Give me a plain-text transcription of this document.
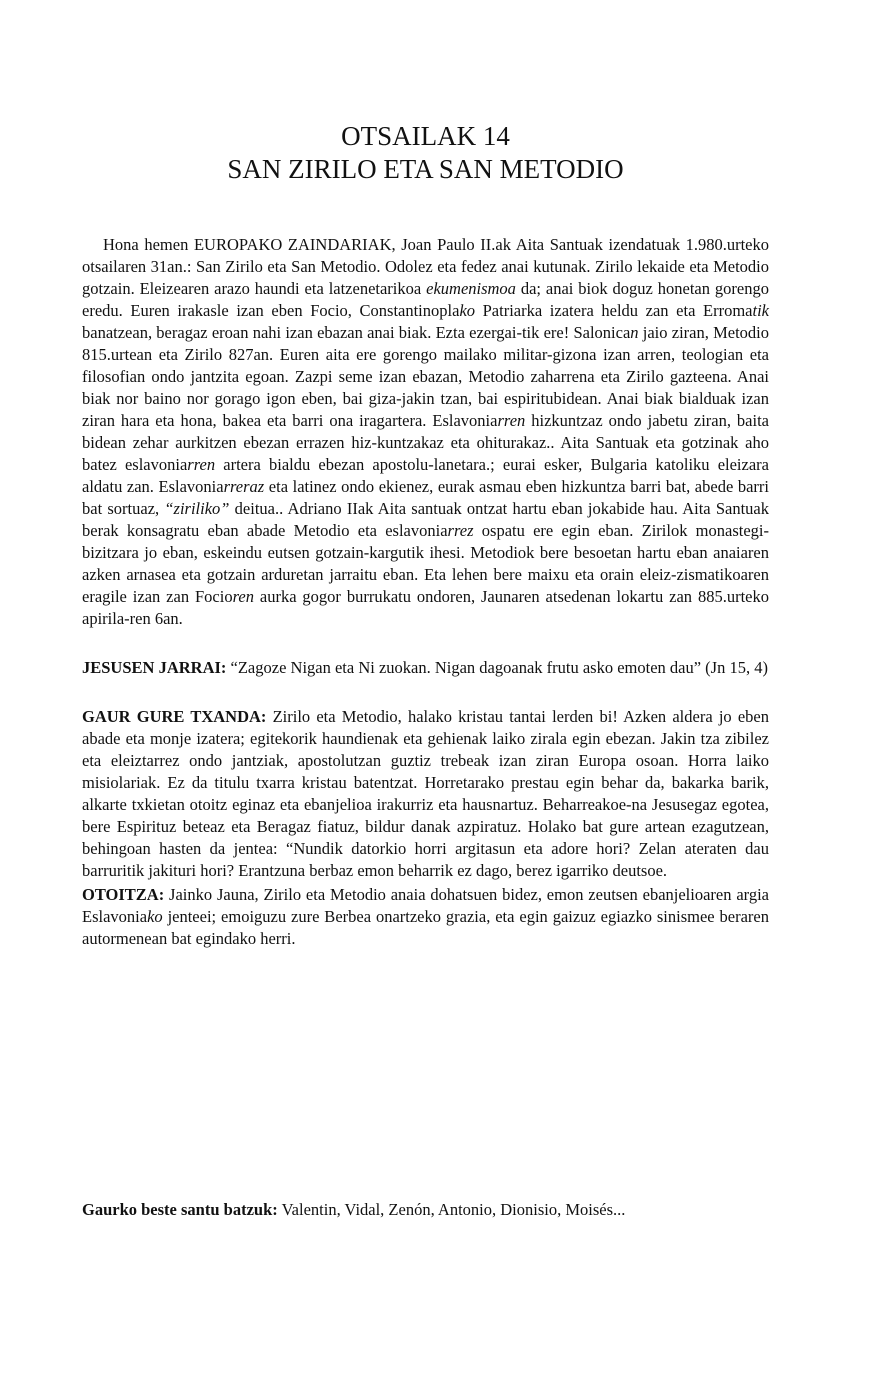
OTSAILAK 14
SAN ZIRILO ETA SAN METODIO

Hona hemen EUROPAKO ZAINDARIAK, Joan Paulo II.ak Aita Santuak izendatuak 1.980.urteko otsailaren 31an.: San Zirilo eta San Metodio. Odolez eta fedez anai kutunak. Zirilo lekaide eta Metodio gotzain. Eleizearen arazo haundi eta latzenetarikoa ekumenismoa da; anai biok doguz honetan gorengo eredu. Euren irakasle izan eben Focio, Constantinoplako Patriarka izatera heldu zan eta Erromatik banatzean, beragaz eroan nahi izan ebazan anai biak. Ezta ezergai-tik ere! Salonican jaio ziran, Metodio 815.urtean eta Zirilo 827an. Euren aita ere gorengo mailako militar-gizona izan arren, teologian eta filosofian ondo jantzita egoan. Zazpi seme izan ebazan, Metodio zaharrena eta Zirilo gazteena. Anai biak nor baino nor gorago igon eben, bai giza-jakin tzan, bai espiritubidean. Anai biak bialduak izan ziran hara eta hona, bakea eta barri ona iragartera. Eslavoniarren hizkuntzaz ondo jabetu ziran, baita bidean zehar aurkitzen ebezan errazen hiz-kuntzakaz eta ohiturakaz.. Aita Santuak eta gotzinak aho batez eslavoniarren artera bialdu ebezan apostolu-lanetara.; eurai esker, Bulgaria katoliku eleizara aldatu zan. Eslavoniarreraz eta latinez ondo ekienez, eurak asmau eben hizkuntza barri bat, abede barri bat sortuaz, “ziriliko” deitua.. Adriano IIak Aita santuak ontzat hartu eban jokabide hau. Aita Santuak berak konsagratu eban abade Metodio eta eslavoniarrez ospatu ere egin eban. Zirilok monastegi-bizitzara jo eban, eskeindu eutsen gotzain-kargutik ihesi. Metodiok bere besoetan hartu eban anaiaren azken arnasea eta gotzain arduretan jarraitu eban. Eta lehen bere maixu eta orain eleiz-zismatikoaren eragile izan zan Focioren aurka gogor burrukatu ondoren, Jaunaren atsedenan lokartu zan 885.urteko apirila-ren 6an.

JESUSEN JARRAI: “Zagoze Nigan eta Ni zuokan. Nigan dagoanak frutu asko emoten dau” (Jn 15, 4)

GAUR GURE TXANDA: Zirilo eta Metodio, halako kristau tantai lerden bi! Azken aldera jo eben abade eta monje izatera; egitekorik haundienak eta gehienak laiko zirala egin ebezan. Jakin tza zibilez eta eleiztarrez ondo jantziak, apostolutzan guztiz trebeak izan ziran Europa osoan. Horra laiko misiolariak. Ez da titulu txarra kristau batentzat. Horretarako prestau egin behar da, bakarka barik, alkarte txkietan otoitz eginaz eta ebanjelioa irakurriz eta hausnartuz. Beharreakoe-na Jesusegaz egotea, bere Espirituz beteaz eta Beragaz fiatuz, bildur danak azpiratuz. Holako bat gure artean ezagutzean, behingoan hasten da jentea: “Nundik datorkio horri argitasun eta adore hori? Zelan ateraten dau barruritik jakituri hori? Erantzuna berbaz emon beharrik ez dago, berez igarriko deutsoe.

OTOITZA: Jainko Jauna, Zirilo eta Metodio anaia dohatsuen bidez, emon zeutsen ebanjelioaren argia Eslavoniako jenteei; emoiguzu zure Berbea onartzeko grazia, eta egin gaizuz egiazko sinismee beraren autormenean bat egindako herri.

Gaurko beste santu batzuk: Valentin, Vidal, Zenón, Antonio, Dionisio, Moisés...
